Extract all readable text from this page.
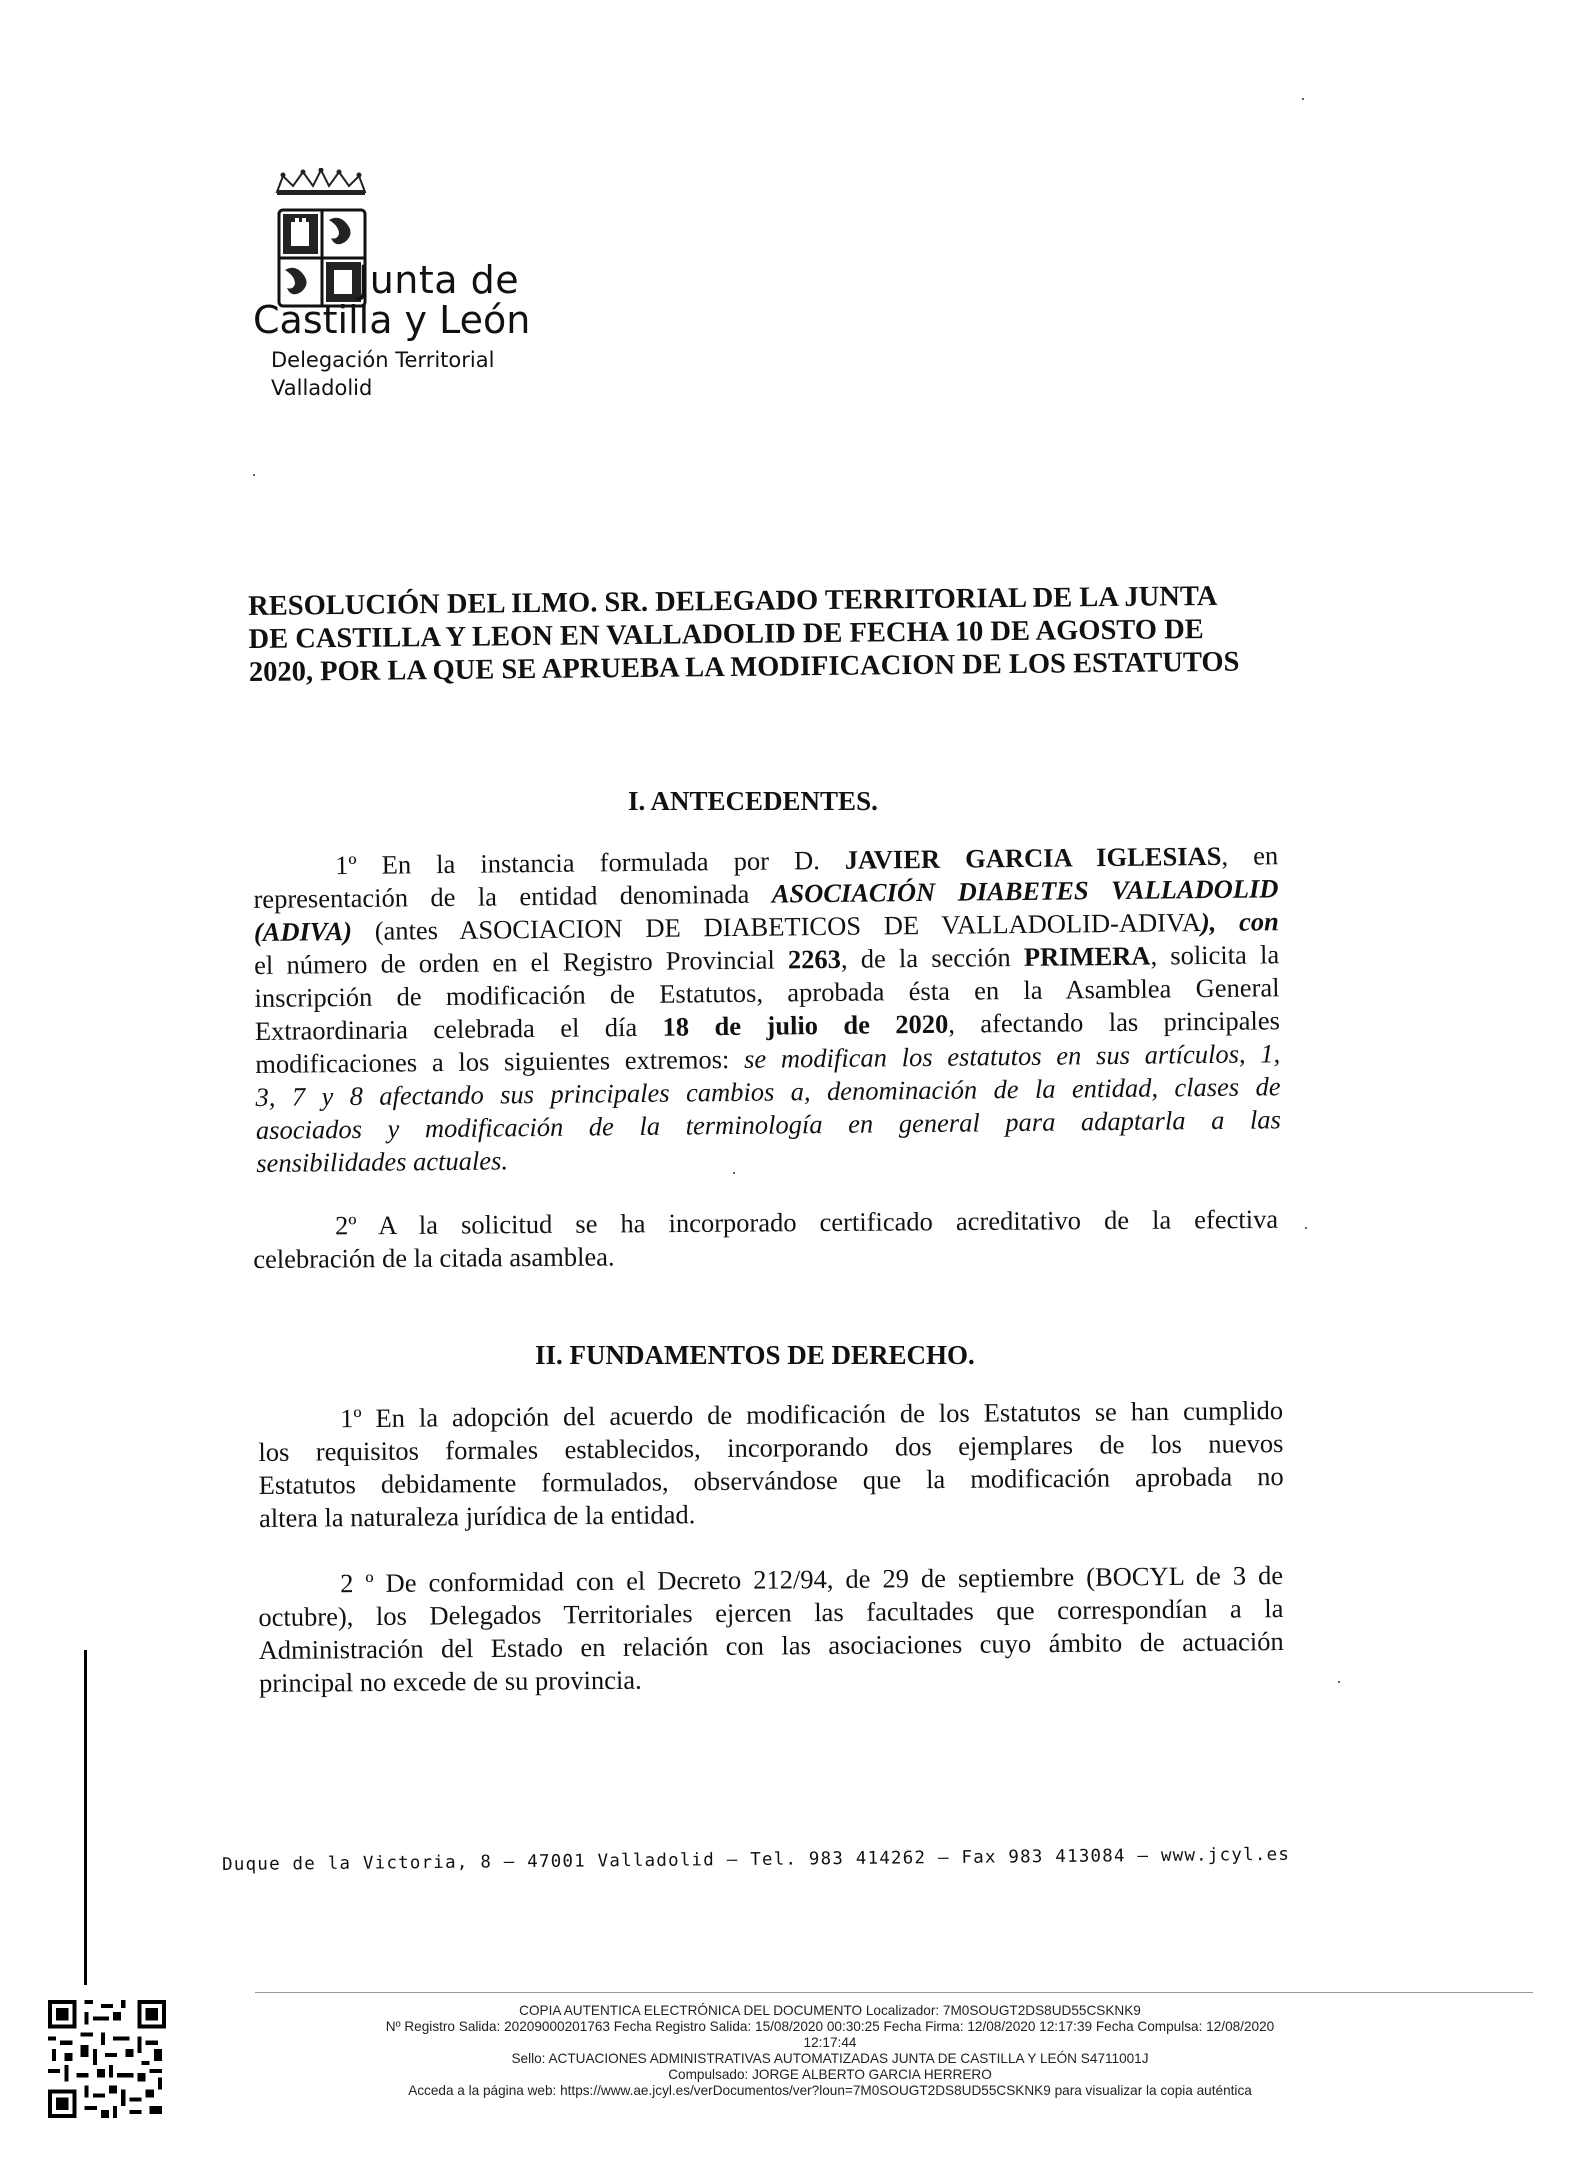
Junta de
Castilla y León
Delegación Territorial
Valladolid
RESOLUCIÓN DEL ILMO. SR. DELEGADO TERRITORIAL DE LA JUNTA
DE CASTILLA Y LEON EN VALLADOLID DE FECHA 10 DE AGOSTO DE
2020, POR LA QUE SE APRUEBA LA MODIFICACION DE LOS ESTATUTOS
I. ANTECEDENTES.
1º En la instancia formulada por D. JAVIER GARCIA IGLESIAS, en
representación de la entidad denominada ASOCIACIÓN DIABETES VALLADOLID
(ADIVA) (antes ASOCIACION DE DIABETICOS DE VALLADOLID-ADIVA), con
el número de orden en el Registro Provincial 2263, de la sección PRIMERA, solicita la
inscripción de modificación de Estatutos, aprobada ésta en la Asamblea General
Extraordinaria celebrada el día 18 de julio de 2020, afectando las principales
modificaciones a los siguientes extremos: se modifican los estatutos en sus artículos, 1,
3, 7 y 8 afectando sus principales cambios a, denominación de la entidad, clases de
asociados y modificación de la terminología en general para adaptarla a las
sensibilidades actuales.
2º A la solicitud se ha incorporado certificado acreditativo de la efectiva
celebración de la citada asamblea.
II. FUNDAMENTOS DE DERECHO.
1º En la adopción del acuerdo de modificación de los Estatutos se han cumplido
los requisitos formales establecidos, incorporando dos ejemplares de los nuevos
Estatutos debidamente formulados, observándose que la modificación aprobada no
altera la naturaleza jurídica de la entidad.
2 º De conformidad con el Decreto 212/94, de 29 de septiembre (BOCYL de 3 de
octubre), los Delegados Territoriales ejercen las facultades que correspondían a la
Administración del Estado en relación con las asociaciones cuyo ámbito de actuación
principal no excede de su provincia.
Duque de la Victoria, 8 – 47001 Valladolid – Tel. 983 414262 – Fax 983 413084 – www.jcyl.es
COPIA AUTENTICA ELECTRÓNICA DEL DOCUMENTO Localizador: 7M0SOUGT2DS8UD55CSKNK9
Nº Registro Salida: 20209000201763 Fecha Registro Salida: 15/08/2020 00:30:25 Fecha Firma: 12/08/2020 12:17:39 Fecha Compulsa: 12/08/2020
12:17:44
Sello: ACTUACIONES ADMINISTRATIVAS AUTOMATIZADAS JUNTA DE CASTILLA Y LEÓN S4711001J
Compulsado: JORGE ALBERTO GARCIA HERRERO
Acceda a la página web: https://www.ae.jcyl.es/verDocumentos/ver?loun=7M0SOUGT2DS8UD55CSKNK9 para visualizar la copia auténtica
